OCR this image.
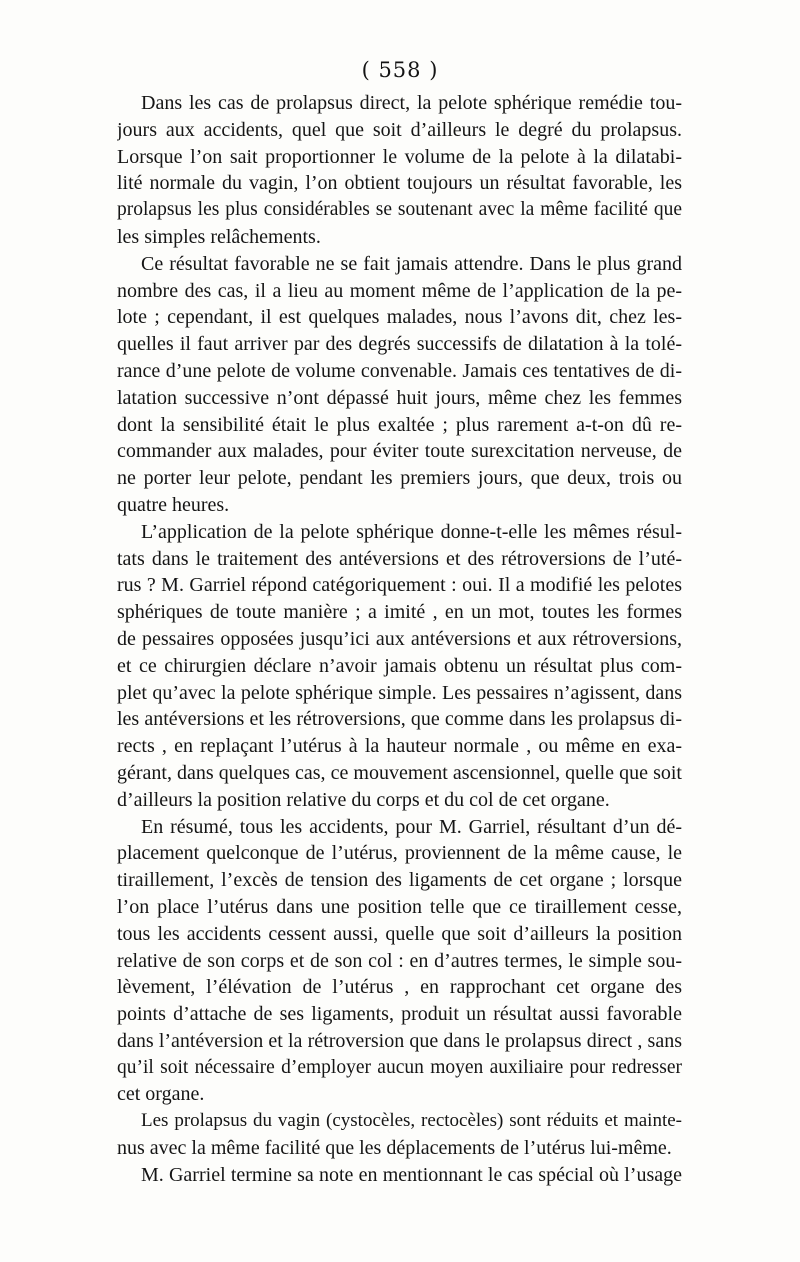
( 558 )
Dans les cas de prolapsus direct, la pelote sphérique remédie tou-
jours aux accidents, quel que soit d’ailleurs le degré du prolapsus.
Lorsque l’on sait proportionner le volume de la pelote à la dilatabi-
lité normale du vagin, l’on obtient toujours un résultat favorable, les
prolapsus les plus considérables se soutenant avec la même facilité que
les simples relâchements.
Ce résultat favorable ne se fait jamais attendre. Dans le plus grand
nombre des cas, il a lieu au moment même de l’application de la pe-
lote ; cependant, il est quelques malades, nous l’avons dit, chez les-
quelles il faut arriver par des degrés successifs de dilatation à la tolé-
rance d’une pelote de volume convenable. Jamais ces tentatives de di-
latation successive n’ont dépassé huit jours, même chez les femmes
dont la sensibilité était le plus exaltée ; plus rarement a-t-on dû re-
commander aux malades, pour éviter toute surexcitation nerveuse, de
ne porter leur pelote, pendant les premiers jours, que deux, trois ou
quatre heures.
L’application de la pelote sphérique donne-t-elle les mêmes résul-
tats dans le traitement des antéversions et des rétroversions de l’uté-
rus ? M. Garriel répond catégoriquement : oui. Il a modifié les pelotes
sphériques de toute manière ; a imité , en un mot, toutes les formes
de pessaires opposées jusqu’ici aux antéversions et aux rétroversions,
et ce chirurgien déclare n’avoir jamais obtenu un résultat plus com-
plet qu’avec la pelote sphérique simple. Les pessaires n’agissent, dans
les antéversions et les rétroversions, que comme dans les prolapsus di-
rects , en replaçant l’utérus à la hauteur normale , ou même en exa-
gérant, dans quelques cas, ce mouvement ascensionnel, quelle que soit
d’ailleurs la position relative du corps et du col de cet organe.
En résumé, tous les accidents, pour M. Garriel, résultant d’un dé-
placement quelconque de l’utérus, proviennent de la même cause, le
tiraillement, l’excès de tension des ligaments de cet organe ; lorsque
l’on place l’utérus dans une position telle que ce tiraillement cesse,
tous les accidents cessent aussi, quelle que soit d’ailleurs la position
relative de son corps et de son col : en d’autres termes, le simple sou-
lèvement, l’élévation de l’utérus , en rapprochant cet organe des
points d’attache de ses ligaments, produit un résultat aussi favorable
dans l’antéversion et la rétroversion que dans le prolapsus direct , sans
qu’il soit nécessaire d’employer aucun moyen auxiliaire pour redresser
cet organe.
Les prolapsus du vagin (cystocèles, rectocèles) sont réduits et mainte-
nus avec la même facilité que les déplacements de l’utérus lui-même.
M. Garriel termine sa note en mentionnant le cas spécial où l’usage
